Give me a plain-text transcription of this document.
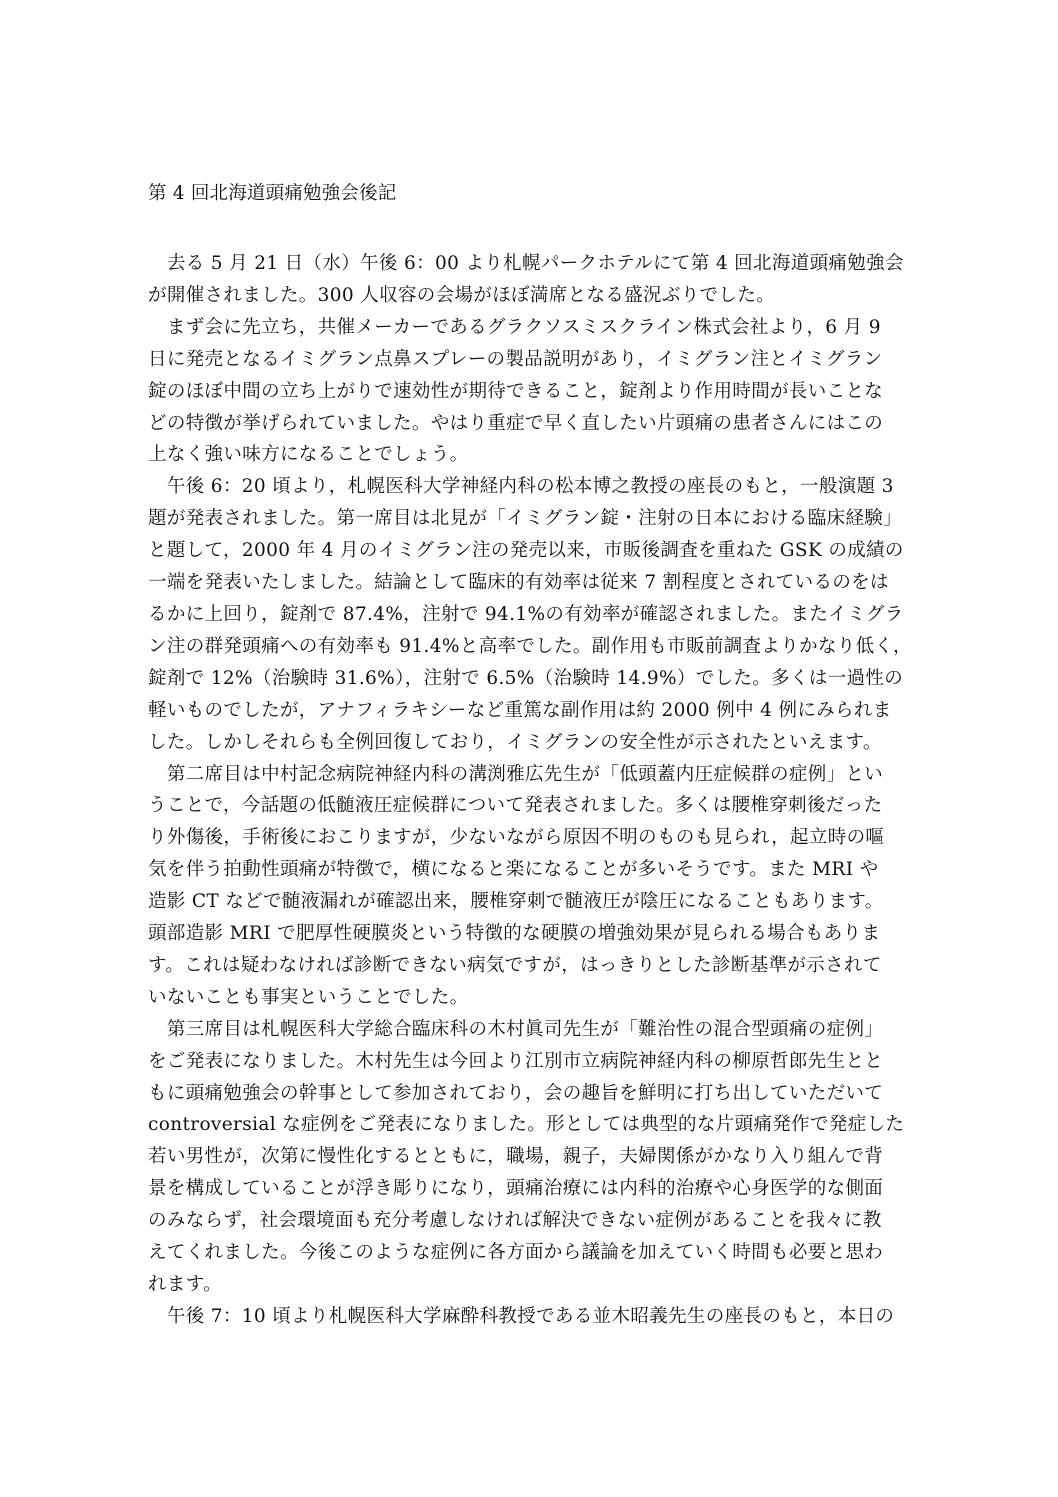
第 4 回北海道頭痛勉強会後記
　去る 5 月 21 日（水）午後 6：00 より札幌パークホテルにて第 4 回北海道頭痛勉強会
が開催されました。300 人収容の会場がほぼ満席となる盛況ぶりでした。
　まず会に先立ち，共催メーカーであるグラクソスミスクライン株式会社より，6 月 9
日に発売となるイミグラン点鼻スプレーの製品説明があり，イミグラン注とイミグラン
錠のほぼ中間の立ち上がりで速効性が期待できること，錠剤より作用時間が長いことな
どの特徴が挙げられていました。やはり重症で早く直したい片頭痛の患者さんにはこの
上なく強い味方になることでしょう。
　午後 6：20 頃より，札幌医科大学神経内科の松本博之教授の座長のもと，一般演題 3
題が発表されました。第一席目は北見が「イミグラン錠・注射の日本における臨床経験」
と題して，2000 年 4 月のイミグラン注の発売以来，市販後調査を重ねた GSK の成績の
一端を発表いたしました。結論として臨床的有効率は従来 7 割程度とされているのをは
るかに上回り，錠剤で 87.4%，注射で 94.1%の有効率が確認されました。またイミグラ
ン注の群発頭痛への有効率も 91.4%と高率でした。副作用も市販前調査よりかなり低く，
錠剤で 12%（治験時 31.6%），注射で 6.5%（治験時 14.9%）でした。多くは一過性の
軽いものでしたが，アナフィラキシーなど重篤な副作用は約 2000 例中 4 例にみられま
した。しかしそれらも全例回復しており，イミグランの安全性が示されたといえます。
　第二席目は中村記念病院神経内科の溝渕雅広先生が「低頭蓋内圧症候群の症例」とい
うことで，今話題の低髄液圧症候群について発表されました。多くは腰椎穿刺後だった
り外傷後，手術後におこりますが，少ないながら原因不明のものも見られ，起立時の嘔
気を伴う拍動性頭痛が特徴で，横になると楽になることが多いそうです。また MRI や
造影 CT などで髄液漏れが確認出来，腰椎穿刺で髄液圧が陰圧になることもあります。
頭部造影 MRI で肥厚性硬膜炎という特徴的な硬膜の増強効果が見られる場合もありま
す。これは疑わなければ診断できない病気ですが，はっきりとした診断基準が示されて
いないことも事実ということでした。
　第三席目は札幌医科大学総合臨床科の木村眞司先生が「難治性の混合型頭痛の症例」
をご発表になりました。木村先生は今回より江別市立病院神経内科の柳原哲郎先生とと
もに頭痛勉強会の幹事として参加されており，会の趣旨を鮮明に打ち出していただいて
controversial な症例をご発表になりました。形としては典型的な片頭痛発作で発症した
若い男性が，次第に慢性化するとともに，職場，親子，夫婦関係がかなり入り組んで背
景を構成していることが浮き彫りになり，頭痛治療には内科的治療や心身医学的な側面
のみならず，社会環境面も充分考慮しなければ解決できない症例があることを我々に教
えてくれました。今後このような症例に各方面から議論を加えていく時間も必要と思わ
れます。
　午後 7：10 頃より札幌医科大学麻酔科教授である並木昭義先生の座長のもと，本日の
